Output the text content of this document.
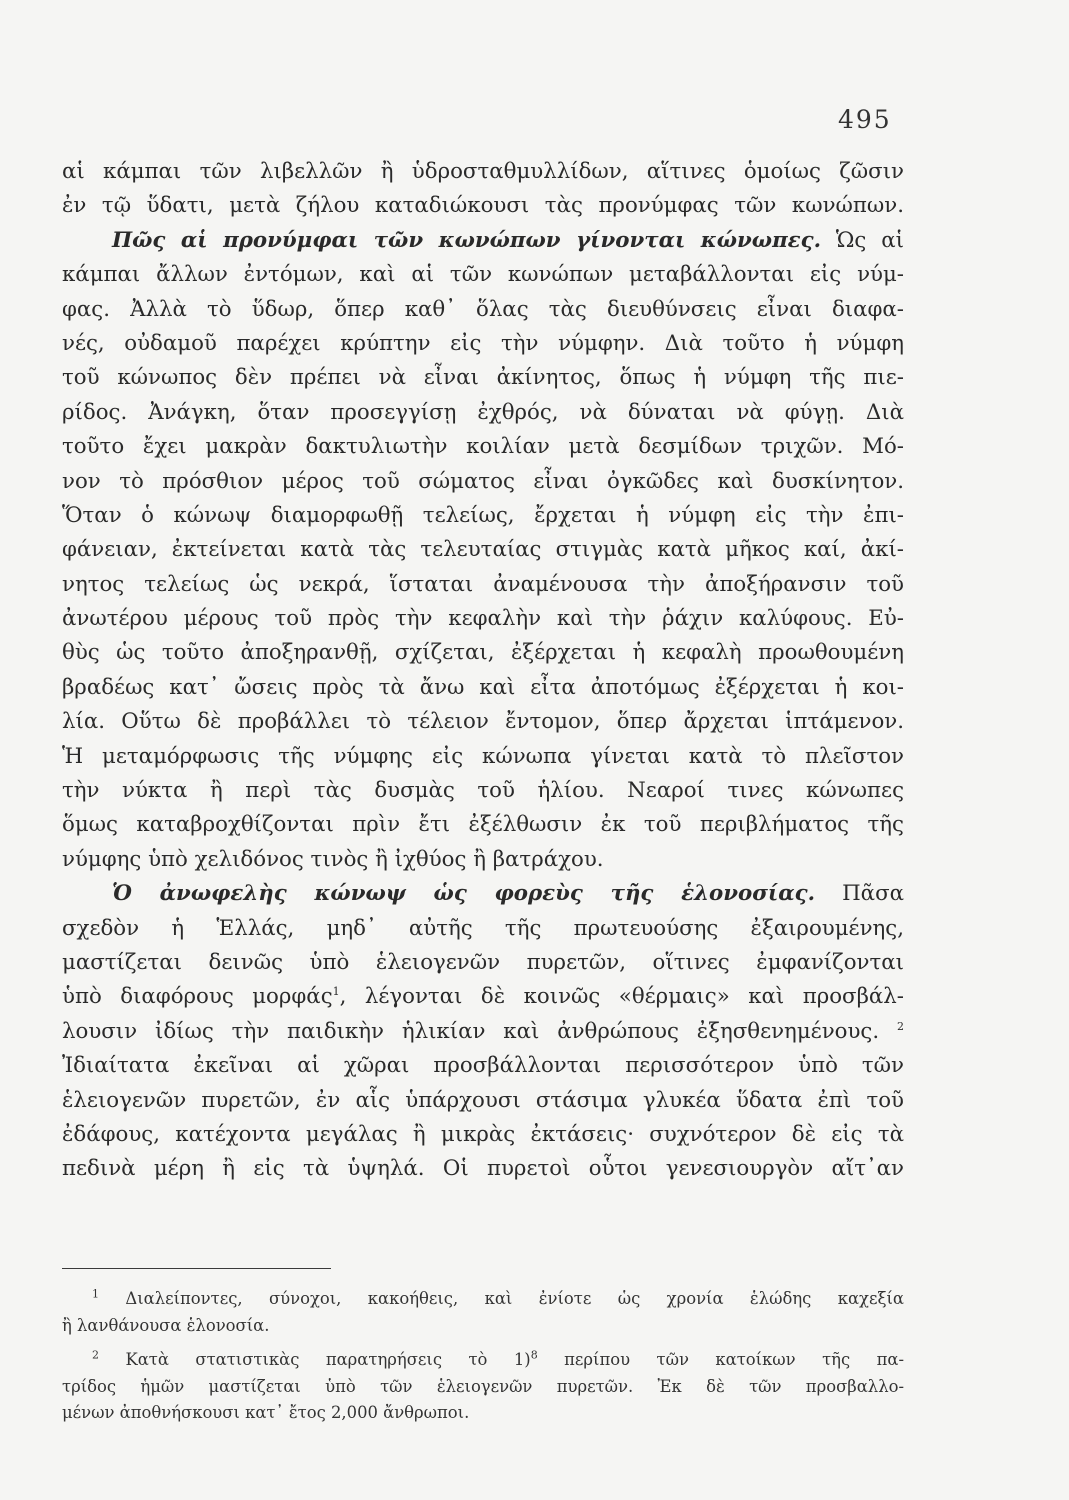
495
αἱ κάμπαι τῶν λιβελλῶν ἢ ὑδροσταθμυλλίδων, αἵτινες ὁμοίως ζῶσιν
ἐν τῷ ὕδατι, μετὰ ζήλου καταδιώκουσι τὰς προνύμφας τῶν κωνώπων.
Πῶς αἱ προνύμφαι τῶν κωνώπων γίνονται κώνωπες. Ὡς αἱ
κάμπαι ἄλλων ἐντόμων, καὶ αἱ τῶν κωνώπων μεταβάλλονται εἰς νύμ-
φας. Ἀλλὰ τὸ ὕδωρ, ὅπερ καθ᾽ ὅλας τὰς διευθύνσεις εἶναι διαφα-
νές, οὐδαμοῦ παρέχει κρύπτην εἰς τὴν νύμφην. Διὰ τοῦτο ἡ νύμφη
τοῦ κώνωπος δὲν πρέπει νὰ εἶναι ἀκίνητος, ὅπως ἡ νύμφη τῆς πιε-
ρίδος. Ἀνάγκη, ὅταν προσεγγίσῃ ἐχθρός, νὰ δύναται νὰ φύγῃ. Διὰ
τοῦτο ἔχει μακρὰν δακτυλιωτὴν κοιλίαν μετὰ δεσμίδων τριχῶν. Μό-
νον τὸ πρόσθιον μέρος τοῦ σώματος εἶναι ὀγκῶδες καὶ δυσκίνητον.
Ὅταν ὁ κώνωψ διαμορφωθῇ τελείως, ἔρχεται ἡ νύμφη εἰς τὴν ἐπι-
φάνειαν, ἐκτείνεται κατὰ τὰς τελευταίας στιγμὰς κατὰ μῆκος καί, ἀκί-
νητος τελείως ὡς νεκρά, ἵσταται ἀναμένουσα τὴν ἀποξήρανσιν τοῦ
ἀνωτέρου μέρους τοῦ πρὸς τὴν κεφαλὴν καὶ τὴν ῥάχιν καλύφους. Εὐ-
θὺς ὡς τοῦτο ἀποξηρανθῇ, σχίζεται, ἐξέρχεται ἡ κεφαλὴ προωθουμένη
βραδέως κατ᾽ ὤσεις πρὸς τὰ ἄνω καὶ εἶτα ἀποτόμως ἐξέρχεται ἡ κοι-
λία. Οὕτω δὲ προβάλλει τὸ τέλειον ἔντομον, ὅπερ ἄρχεται ἱπτάμενον.
Ἡ μεταμόρφωσις τῆς νύμφης εἰς κώνωπα γίνεται κατὰ τὸ πλεῖστον
τὴν νύκτα ἢ περὶ τὰς δυσμὰς τοῦ ἡλίου. Νεαροί τινες κώνωπες
ὅμως καταβροχθίζονται πρὶν ἔτι ἐξέλθωσιν ἐκ τοῦ περιβλήματος τῆς
νύμφης ὑπὸ χελιδόνος τινὸς ἢ ἰχθύος ἢ βατράχου.
Ὁ ἀνωφελὴς κώνωψ ὡς φορεὺς τῆς ἑλονοσίας. Πᾶσα
σχεδὸν ἡ Ἑλλάς, μηδ᾽ αὐτῆς τῆς πρωτευούσης ἐξαιρουμένης,
μαστίζεται δεινῶς ὑπὸ ἑλειογενῶν πυρετῶν, οἵτινες ἐμφανίζονται
ὑπὸ διαφόρους μορφάς$^1$, λέγονται δὲ κοινῶς «θέρμαις» καὶ προσβάλ-
λουσιν ἰδίως τὴν παιδικὴν ἡλικίαν καὶ ἀνθρώπους ἐξησθενημένους. $^2$
Ἰδιαίτατα ἐκεῖναι αἱ χῶραι προσβάλλονται περισσότερον ὑπὸ τῶν
ἑλειογενῶν πυρετῶν, ἐν αἷς ὑπάρχουσι στάσιμα γλυκέα ὕδατα ἐπὶ τοῦ
ἐδάφους, κατέχοντα μεγάλας ἢ μικρὰς ἐκτάσεις· συχνότερον δὲ εἰς τὰ
πεδινὰ μέρη ἢ εἰς τὰ ὑψηλά. Οἱ πυρετοὶ οὗτοι γενεσιουργὸν αἴτ᾽αν
$^1$ Διαλείποντες, σύνοχοι, κακοήθεις, καὶ ἐνίοτε ὡς χρονία ἑλώδης καχεξία
ἢ λανθάνουσα ἑλονοσία.
$^2$ Κατὰ στατιστικὰς παρατηρήσεις τὸ 1)$^8$ περίπου τῶν κατοίκων τῆς πα-
τρίδος ἡμῶν μαστίζεται ὑπὸ τῶν ἑλειογενῶν πυρετῶν. Ἐκ δὲ τῶν προσβαλλο-
μένων ἀποθνήσκουσι κατ᾽ ἔτος 2,000 ἄνθρωποι.
